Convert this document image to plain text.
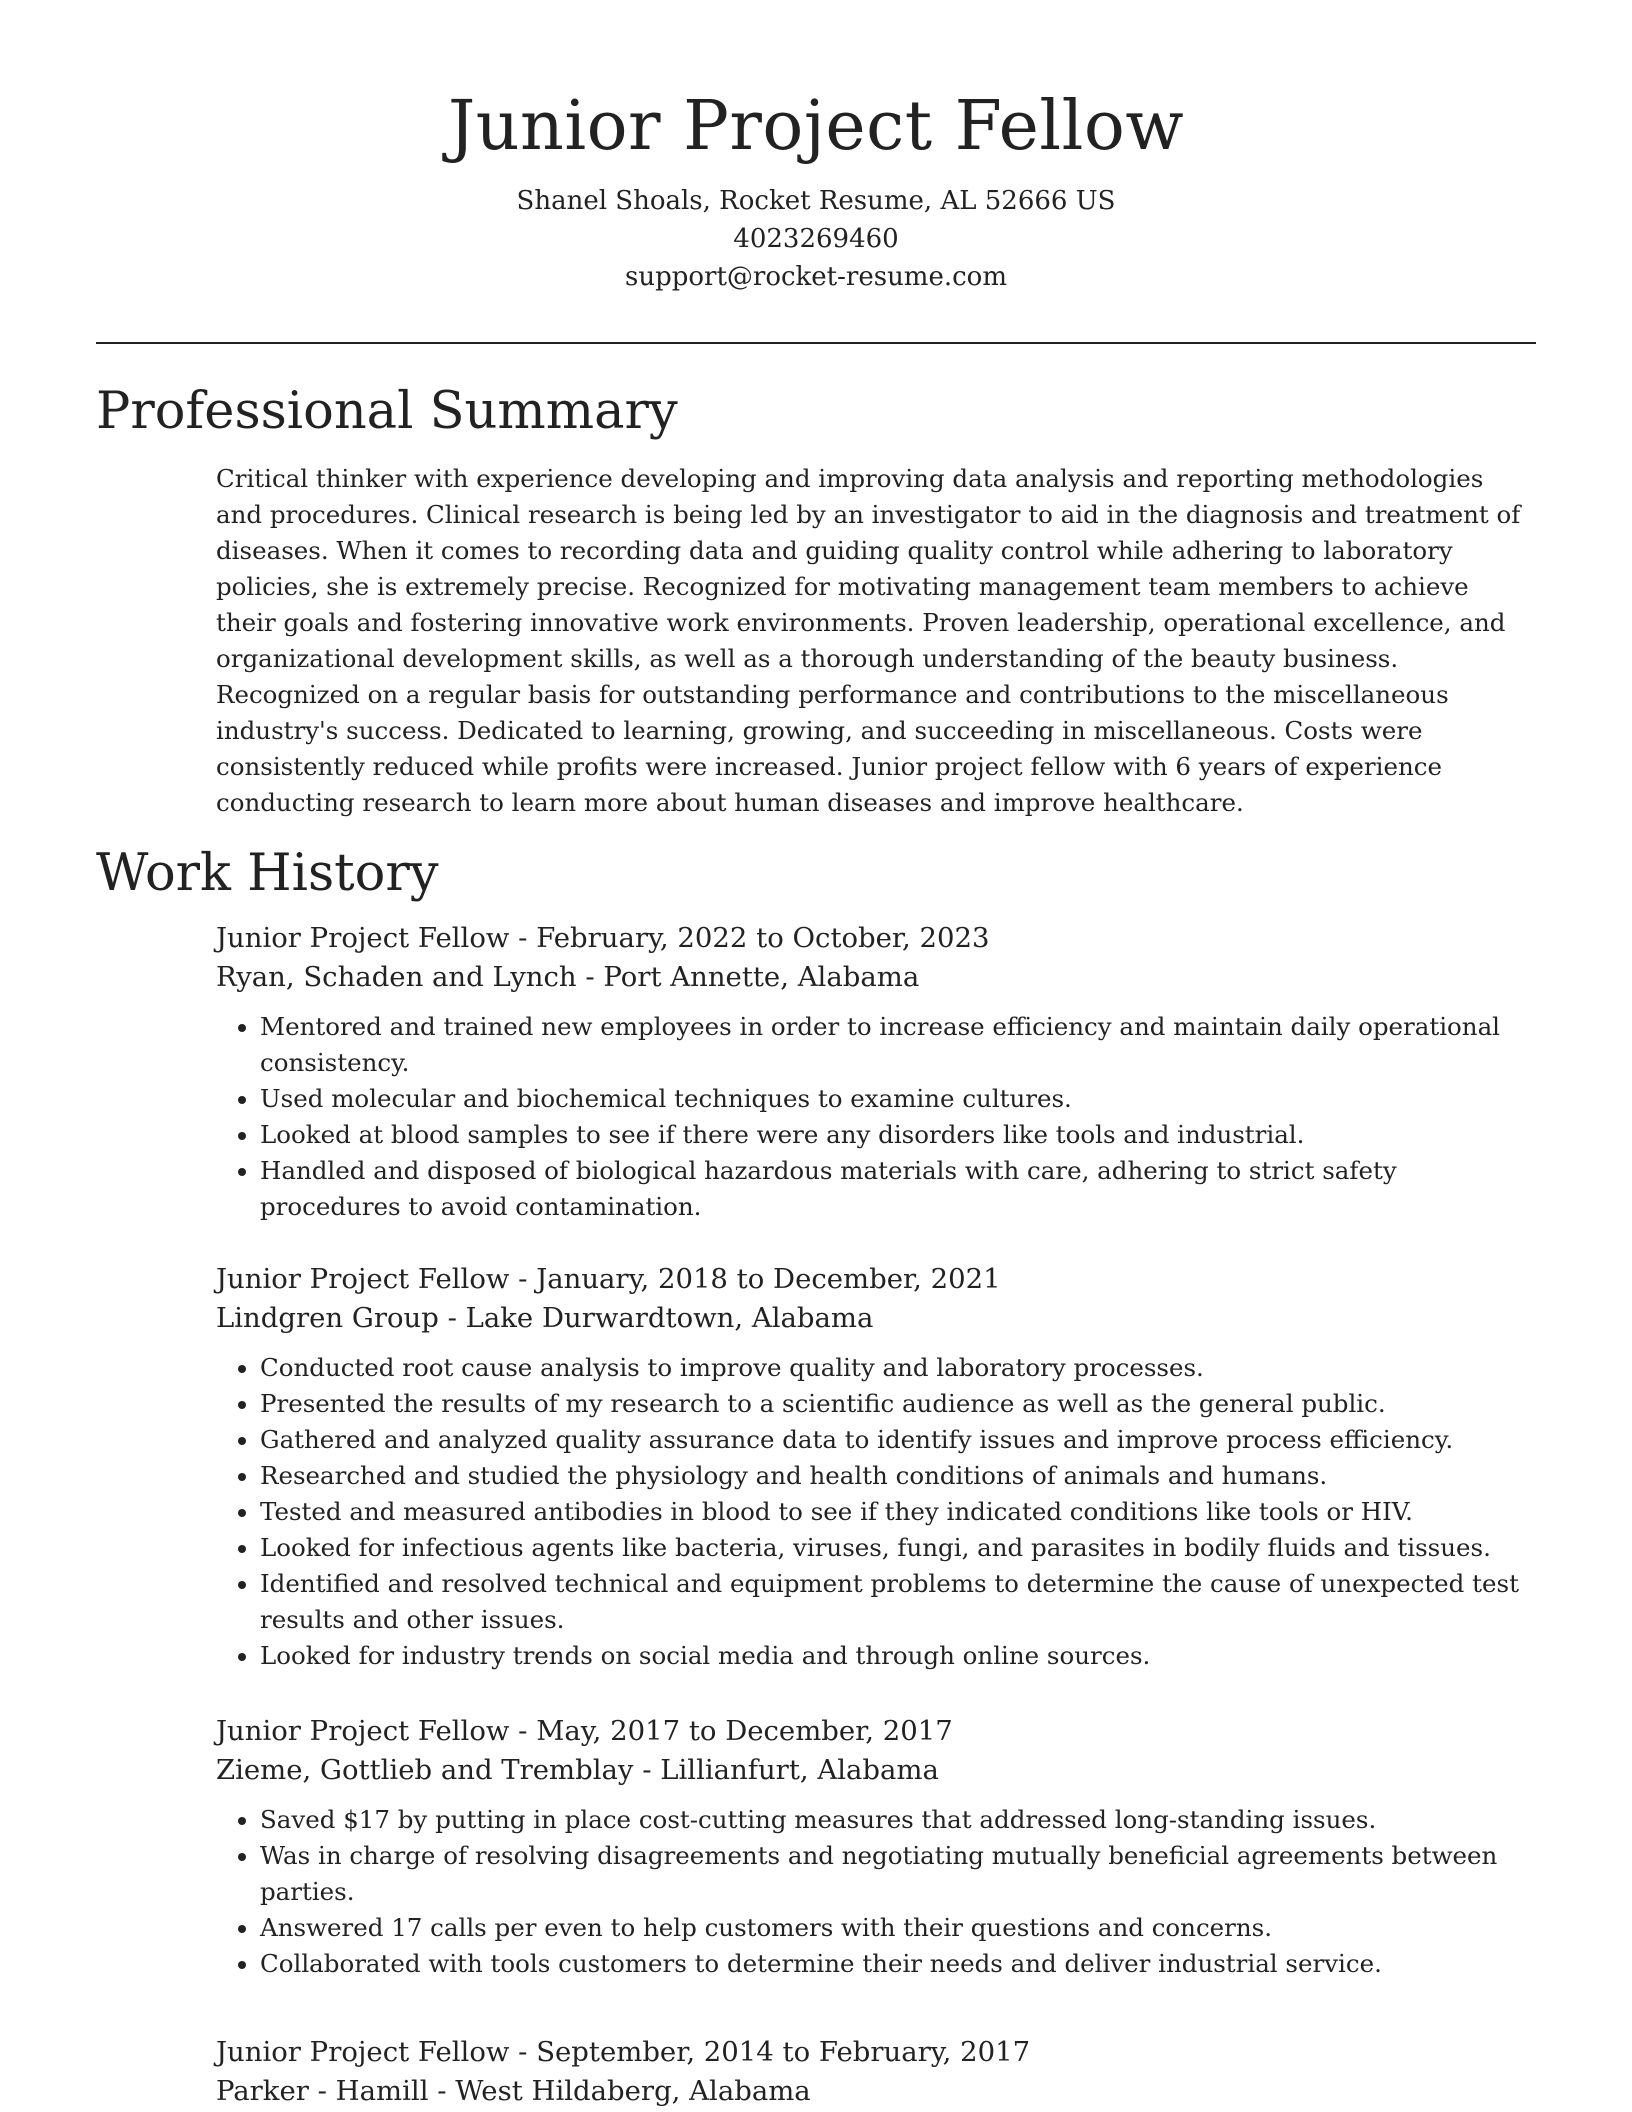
Junior Project Fellow
Shanel Shoals, Rocket Resume, AL 52666 US
4023269460
support@rocket-resume.com
Professional Summary

Critical thinker with experience developing and improving data analysis and reporting methodologies and procedures. Clinical research is being led by an investigator to aid in the diagnosis and treatment of diseases. When it comes to recording data and guiding quality control while adhering to laboratory policies, she is extremely precise. Recognized for motivating management team members to achieve their goals and fostering innovative work environments. Proven leadership, operational excellence, and organizational development skills, as well as a thorough understanding of the beauty business. Recognized on a regular basis for outstanding performance and contributions to the miscellaneous industry's success. Dedicated to learning, growing, and succeeding in miscellaneous. Costs were consistently reduced while profits were increased. Junior project fellow with 6 years of experience conducting research to learn more about human diseases and improve healthcare.

Work History
Junior Project Fellow - February, 2022 to October, 2023
Ryan, Schaden and Lynch - Port Annette, Alabama
• Mentored and trained new employees in order to increase efficiency and maintain daily operational consistency.
• Used molecular and biochemical techniques to examine cultures.
• Looked at blood samples to see if there were any disorders like tools and industrial.
• Handled and disposed of biological hazardous materials with care, adhering to strict safety procedures to avoid contamination.
Junior Project Fellow - January, 2018 to December, 2021
Lindgren Group - Lake Durwardtown, Alabama
• Conducted root cause analysis to improve quality and laboratory processes.
• Presented the results of my research to a scientific audience as well as the general public.
• Gathered and analyzed quality assurance data to identify issues and improve process efficiency.
• Researched and studied the physiology and health conditions of animals and humans.
• Tested and measured antibodies in blood to see if they indicated conditions like tools or HIV.
• Looked for infectious agents like bacteria, viruses, fungi, and parasites in bodily fluids and tissues.
• Identified and resolved technical and equipment problems to determine the cause of unexpected test results and other issues.
• Looked for industry trends on social media and through online sources.
Junior Project Fellow - May, 2017 to December, 2017
Zieme, Gottlieb and Tremblay - Lillianfurt, Alabama
• Saved $17 by putting in place cost-cutting measures that addressed long-standing issues.
• Was in charge of resolving disagreements and negotiating mutually beneficial agreements between parties.
• Answered 17 calls per even to help customers with their questions and concerns.
• Collaborated with tools customers to determine their needs and deliver industrial service.
Junior Project Fellow - September, 2014 to February, 2017
Parker - Hamill - West Hildaberg, Alabama
